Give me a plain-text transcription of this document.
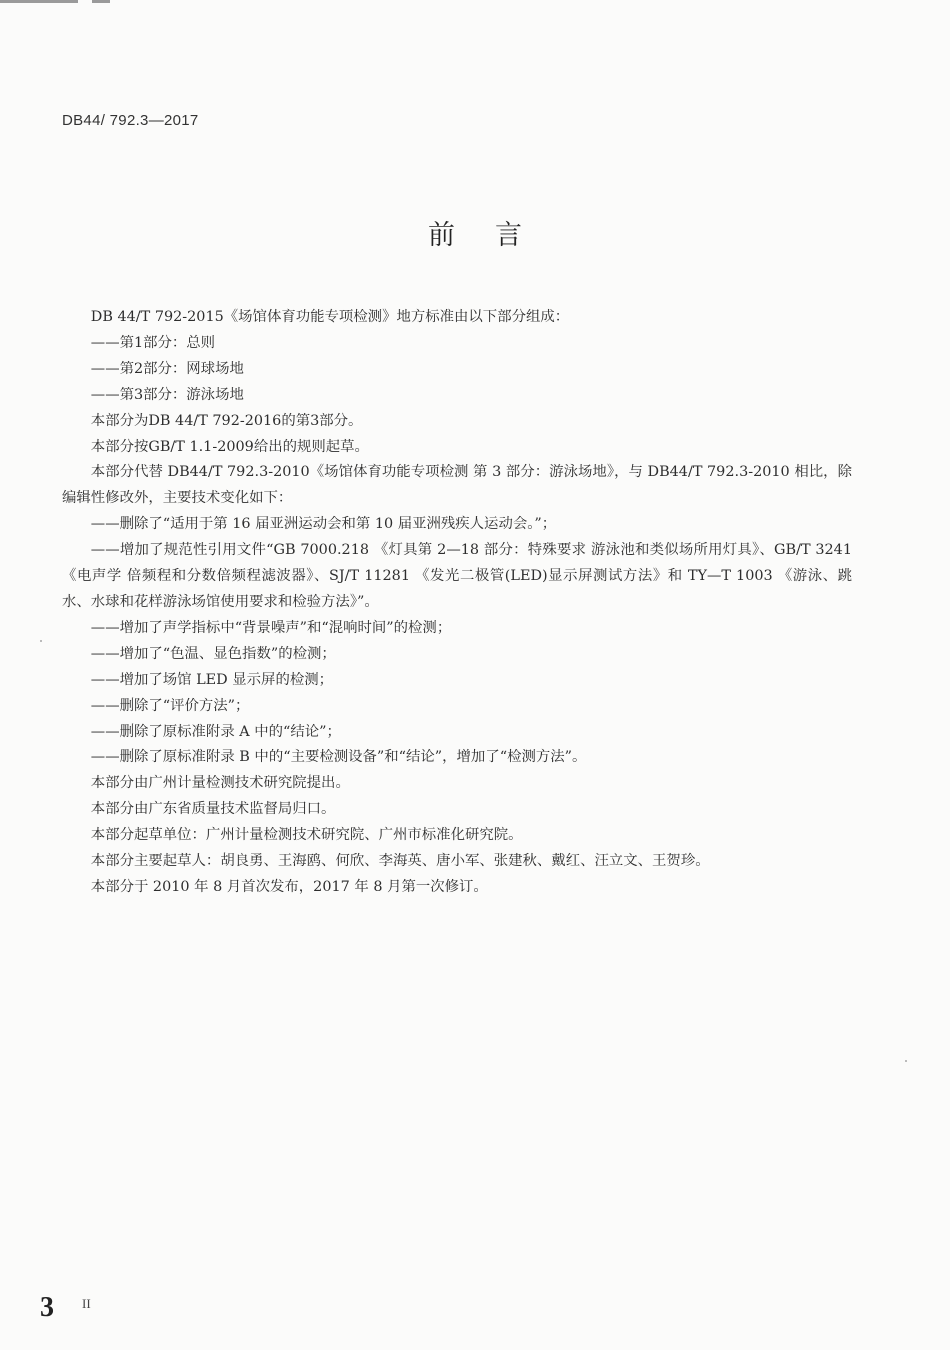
DB44/ 792.3—2017
前言

DB 44/T 792-2015《场馆体育功能专项检测》地方标准由以下部分组成：

——第1部分：总则

——第2部分：网球场地

——第3部分：游泳场地

本部分为DB 44/T 792-2016的第3部分。

本部分按GB/T 1.1-2009给出的规则起草。

本部分代替 DB44/T 792.3-2010《场馆体育功能专项检测 第 3 部分：游泳场地》，与 DB44/T 792.3-2010 相比，除编辑性修改外，主要技术变化如下：

——删除了“适用于第 16 届亚洲运动会和第 10 届亚洲残疾人运动会。”；

——增加了规范性引用文件“GB 7000.218 《灯具第 2—18 部分：特殊要求 游泳池和类似场所用灯具》、GB/T 3241 《电声学 倍频程和分数倍频程滤波器》、SJ/T 11281 《发光二极管(LED)显示屏测试方法》和 TY—T 1003 《游泳、跳水、水球和花样游泳场馆使用要求和检验方法》”。

——增加了声学指标中“背景噪声”和“混响时间”的检测；

——增加了“色温、显色指数”的检测；

——增加了场馆 LED 显示屏的检测；

——删除了“评价方法”；

——删除了原标准附录 A 中的“结论”；

——删除了原标准附录 B 中的“主要检测设备”和“结论”，增加了“检测方法”。

本部分由广州计量检测技术研究院提出。

本部分由广东省质量技术监督局归口。

本部分起草单位：广州计量检测技术研究院、广州市标准化研究院。

本部分主要起草人：胡良勇、王海鸥、何欣、李海英、唐小军、张建秋、戴红、汪立文、王贺珍。

本部分于 2010 年 8 月首次发布，2017 年 8 月第一次修订。

3 II
